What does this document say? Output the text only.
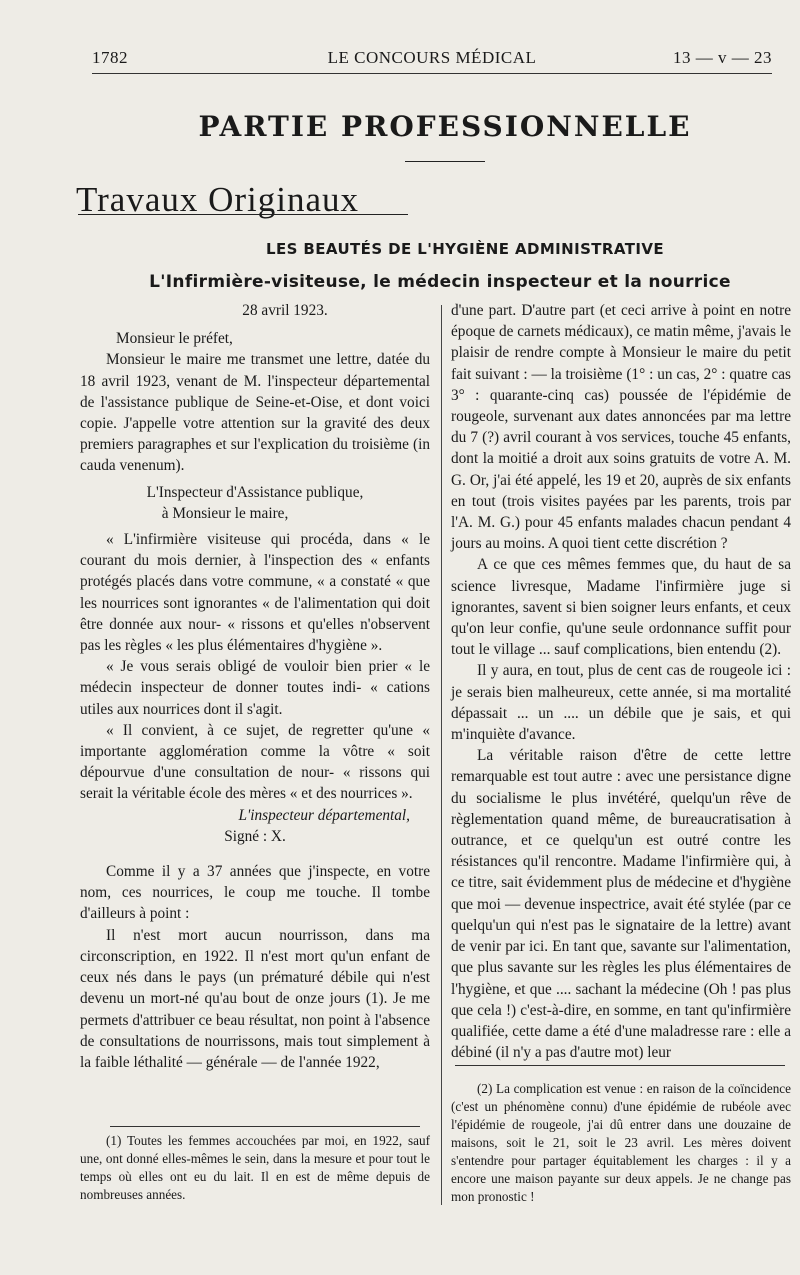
1782	LE CONCOURS MÉDICAL	13 — v — 23
PARTIE PROFESSIONNELLE
Travaux Originaux
LES BEAUTÉS DE L'HYGIÈNE ADMINISTRATIVE
L'Infirmière-visiteuse, le médecin inspecteur et la nourrice

28 avril 1923.

Monsieur le préfet,

Monsieur le maire me transmet une lettre, datée du 18 avril 1923, venant de M. l'inspecteur départemental de l'assistance publique de Seine-et-Oise, et dont voici copie. J'appelle votre attention sur la gravité des deux premiers paragraphes et sur l'explication du troisième (in cauda venenum).

L'Inspecteur d'Assistance publique,

à Monsieur le maire,

« L'infirmière visiteuse qui procéda, dans « le courant du mois dernier, à l'inspection des « enfants protégés placés dans votre commune, « a constaté « que les nourrices sont ignorantes « de l'alimentation qui doit être donnée aux nour- « rissons et qu'elles n'observent pas les règles « les plus élémentaires d'hygiène ».

« Je vous serais obligé de vouloir bien prier « le médecin inspecteur de donner toutes indi- « cations utiles aux nourrices dont il s'agit.

« Il convient, à ce sujet, de regretter qu'une « importante agglomération comme la vôtre « soit dépourvue d'une consultation de nour- « rissons qui serait la véritable école des mères « et des nourrices ».

L'inspecteur départemental,

Signé : X.

Comme il y a 37 années que j'inspecte, en votre nom, ces nourrices, le coup me touche. Il tombe d'ailleurs à point :

Il n'est mort aucun nourrisson, dans ma circonscription, en 1922. Il n'est mort qu'un enfant de ceux nés dans le pays (un prématuré débile qui n'est devenu un mort-né qu'au bout de onze jours (1). Je me permets d'attribuer ce beau résultat, non point à l'absence de consultations de nourrissons, mais tout simplement à la faible léthalité — générale — de l'année 1922,

d'une part. D'autre part (et ceci arrive à point en notre époque de carnets médicaux), ce matin même, j'avais le plaisir de rendre compte à Monsieur le maire du petit fait suivant : — la troisième (1° : un cas, 2° : quatre cas 3° : quarante-cinq cas) poussée de l'épidémie de rougeole, survenant aux dates annoncées par ma lettre du 7 (?) avril courant à vos services, touche 45 enfants, dont la moitié a droit aux soins gratuits de votre A. M. G. Or, j'ai été appelé, les 19 et 20, auprès de six enfants en tout (trois visites payées par les parents, trois par l'A. M. G.) pour 45 enfants malades chacun pendant 4 jours au moins. A quoi tient cette discrétion ?

A ce que ces mêmes femmes que, du haut de sa science livresque, Madame l'infirmière juge si ignorantes, savent si bien soigner leurs enfants, et ceux qu'on leur confie, qu'une seule ordonnance suffit pour tout le village ... sauf complications, bien entendu (2).

Il y aura, en tout, plus de cent cas de rougeole ici : je serais bien malheureux, cette année, si ma mortalité dépassait ... un .... un débile que je sais, et qui m'inquiète d'avance.

La véritable raison d'être de cette lettre remarquable est tout autre : avec une persistance digne du socialisme le plus invétéré, quelqu'un rêve de règlementation quand même, de bureaucratisation à outrance, et ce quelqu'un est outré contre les résistances qu'il rencontre. Madame l'infirmière qui, à ce titre, sait évidemment plus de médecine et d'hygiène que moi — devenue inspectrice, avait été stylée (par ce quelqu'un qui n'est pas le signataire de la lettre) avant de venir par ici. En tant que, savante sur l'alimentation, que plus savante sur les règles les plus élémentaires de l'hygiène, et que .... sachant la médecine (Oh ! pas plus que cela !) c'est-à-dire, en somme, en tant qu'infirmière qualifiée, cette dame a été d'une maladresse rare : elle a débiné (il n'y a pas d'autre mot) leur

(1) Toutes les femmes accouchées par moi, en 1922, sauf une, ont donné elles-mêmes le sein, dans la mesure et pour tout le temps où elles ont eu du lait. Il en est de même depuis de nombreuses années.
(2) La complication est venue : en raison de la coïncidence (c'est un phénomène connu) d'une épidémie de rubéole avec l'épidémie de rougeole, j'ai dû entrer dans une douzaine de maisons, soit le 21, soit le 23 avril. Les mères doivent s'entendre pour partager équitablement les charges : il y a encore une maison payante sur deux appels. Je ne change pas mon pronostic !
